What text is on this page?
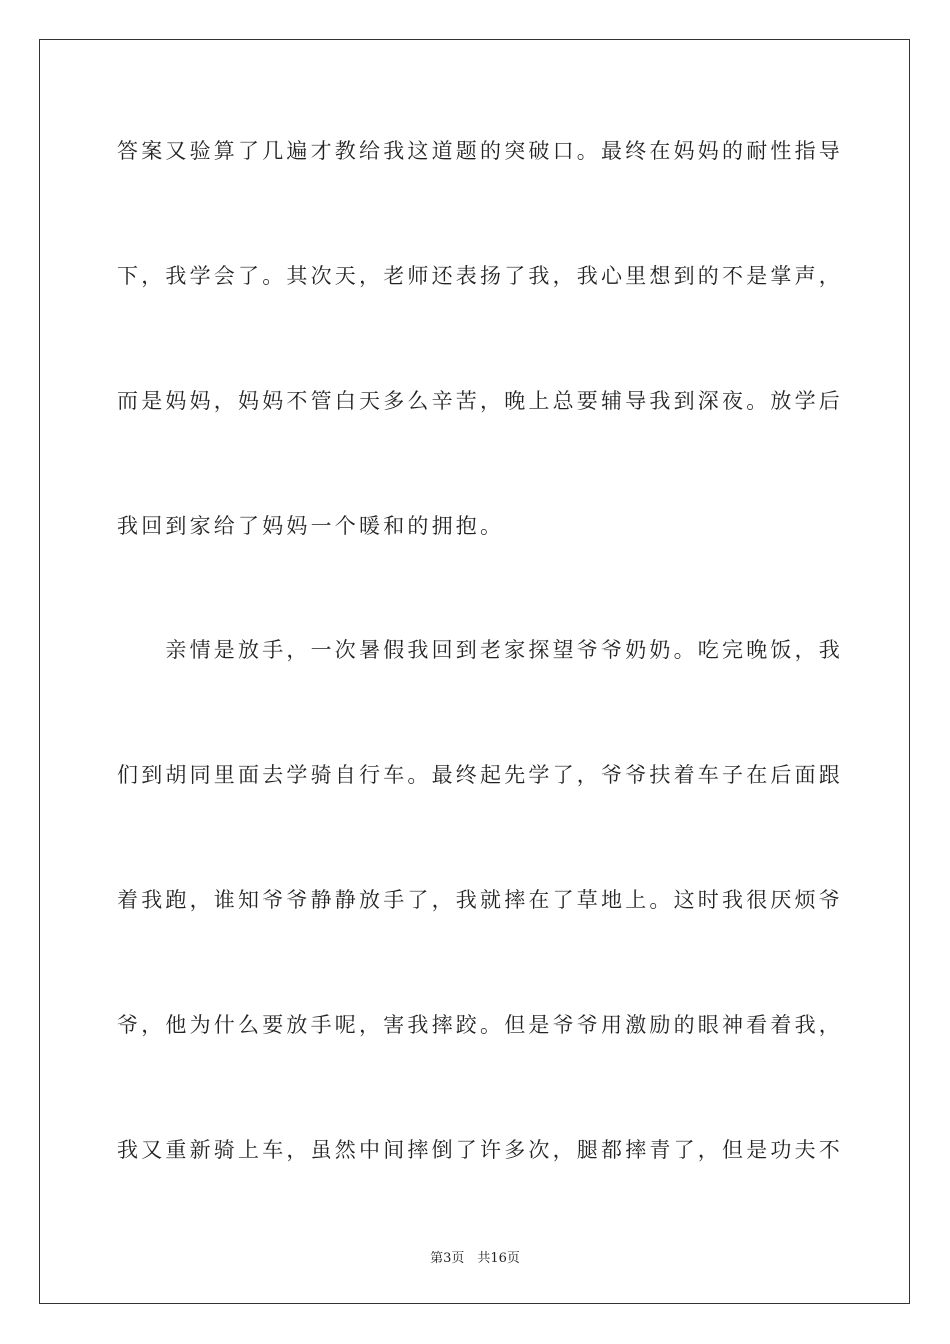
答案又验算了几遍才教给我这道题的突破口。最终在妈妈的耐性指导
下，我学会了。其次天，老师还表扬了我，我心里想到的不是掌声，
而是妈妈，妈妈不管白天多么辛苦，晚上总要辅导我到深夜。放学后
我回到家给了妈妈一个暖和的拥抱。
　　亲情是放手，一次暑假我回到老家探望爷爷奶奶。吃完晚饭，我
们到胡同里面去学骑自行车。最终起先学了，爷爷扶着车子在后面跟
着我跑，谁知爷爷静静放手了，我就摔在了草地上。这时我很厌烦爷
爷，他为什么要放手呢，害我摔跤。但是爷爷用激励的眼神看着我，
我又重新骑上车，虽然中间摔倒了许多次，腿都摔青了，但是功夫不
第3页　共16页
